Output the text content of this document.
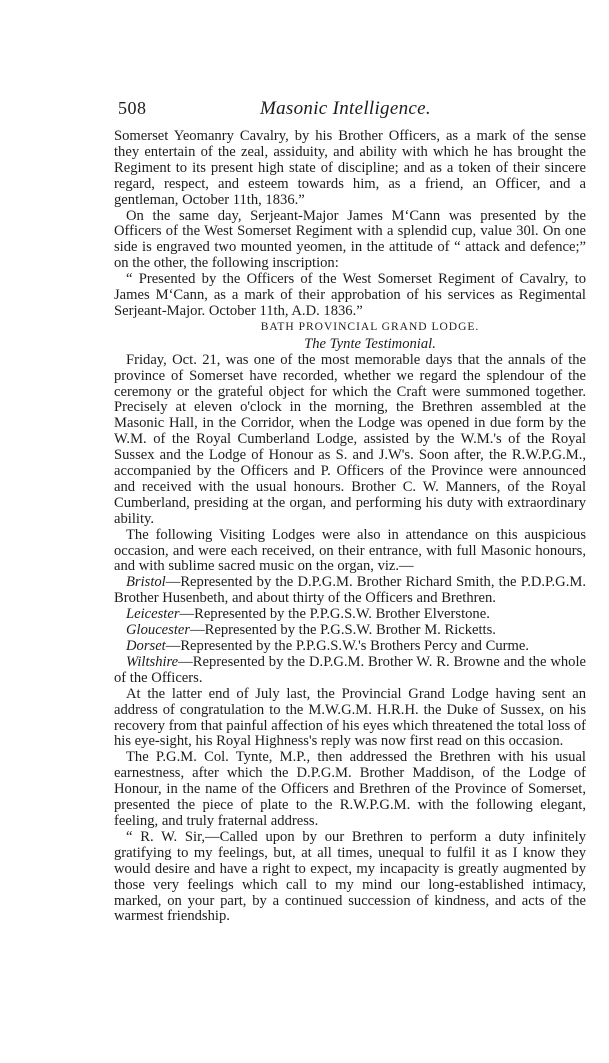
508	Masonic Intelligence.

Somerset Yeomanry Cavalry, by his Brother Officers, as a mark of the sense they entertain of the zeal, assiduity, and ability with which he has brought the Regiment to its present high state of discipline; and as a token of their sincere regard, respect, and esteem towards him, as a friend, an Officer, and a gentleman, October 11th, 1836.”

On the same day, Serjeant-Major James M‘Cann was presented by the Officers of the West Somerset Regiment with a splendid cup, value 30l. On one side is engraved two mounted yeomen, in the attitude of “ attack and defence;” on the other, the following inscription:

“ Presented by the Officers of the West Somerset Regiment of Cavalry, to James M‘Cann, as a mark of their approbation of his services as Regimental Serjeant-Major. October 11th, A.D. 1836.”

BATH PROVINCIAL GRAND LODGE.

The Tynte Testimonial.

Friday, Oct. 21, was one of the most memorable days that the annals of the province of Somerset have recorded, whether we regard the splendour of the ceremony or the grateful object for which the Craft were summoned together. Precisely at eleven o'clock in the morning, the Brethren assembled at the Masonic Hall, in the Corridor, when the Lodge was opened in due form by the W.M. of the Royal Cumberland Lodge, assisted by the W.M.'s of the Royal Sussex and the Lodge of Honour as S. and J.W's. Soon after, the R.W.P.G.M., accompanied by the Officers and P. Officers of the Province were announced and received with the usual honours. Brother C. W. Manners, of the Royal Cumberland, presiding at the organ, and performing his duty with extraordinary ability.

The following Visiting Lodges were also in attendance on this auspicious occasion, and were each received, on their entrance, with full Masonic honours, and with sublime sacred music on the organ, viz.—

Bristol—Represented by the D.P.G.M. Brother Richard Smith, the P.D.P.G.M. Brother Husenbeth, and about thirty of the Officers and Brethren.

Leicester—Represented by the P.P.G.S.W. Brother Elverstone.

Gloucester—Represented by the P.G.S.W. Brother M. Ricketts.

Dorset—Represented by the P.P.G.S.W.'s Brothers Percy and Curme.

Wiltshire—Represented by the D.P.G.M. Brother W. R. Browne and the whole of the Officers.

At the latter end of July last, the Provincial Grand Lodge having sent an address of congratulation to the M.W.G.M. H.R.H. the Duke of Sussex, on his recovery from that painful affection of his eyes which threatened the total loss of his eye-sight, his Royal Highness's reply was now first read on this occasion.

The P.G.M. Col. Tynte, M.P., then addressed the Brethren with his usual earnestness, after which the D.P.G.M. Brother Maddison, of the Lodge of Honour, in the name of the Officers and Brethren of the Province of Somerset, presented the piece of plate to the R.W.P.G.M. with the following elegant, feeling, and truly fraternal address.

“ R. W. Sir,—Called upon by our Brethren to perform a duty infinitely gratifying to my feelings, but, at all times, unequal to fulfil it as I know they would desire and have a right to expect, my incapacity is greatly augmented by those very feelings which call to my mind our long-established intimacy, marked, on your part, by a continued succession of kindness, and acts of the warmest friendship.
